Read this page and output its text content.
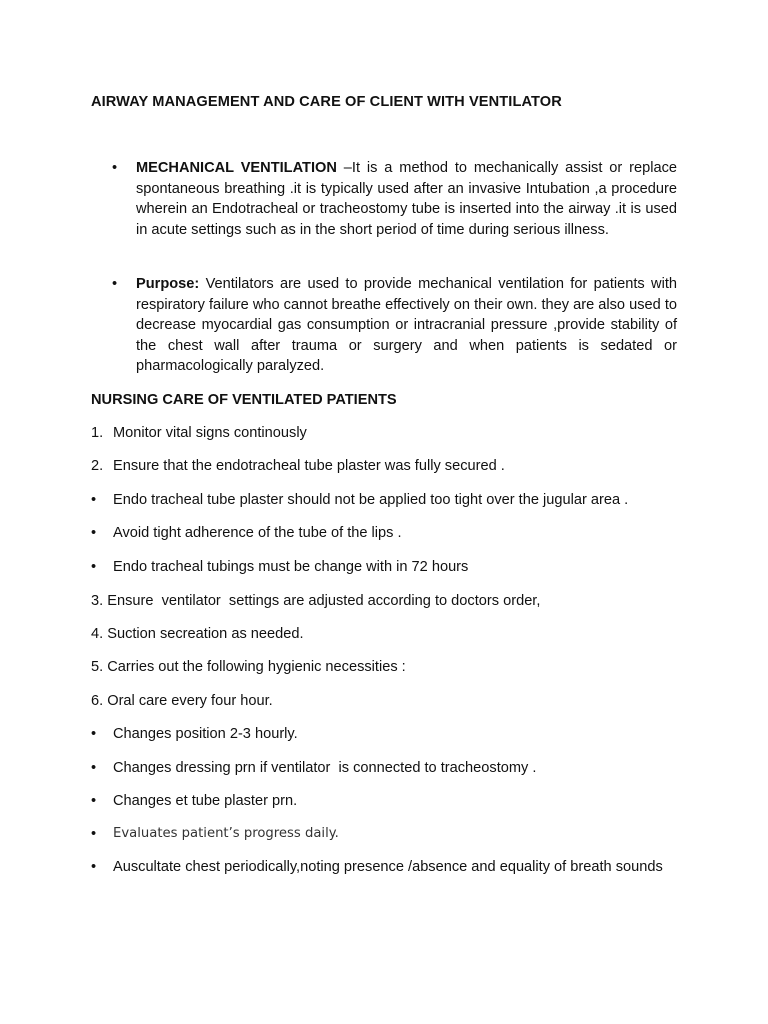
AIRWAY MANAGEMENT AND CARE OF CLIENT WITH VENTILATOR
• MECHANICAL VENTILATION –It is a method to mechanically assist or replace spontaneous breathing .it is typically used after an invasive Intubation ,a procedure wherein an Endotracheal or tracheostomy tube is inserted into the airway .it is used in acute settings such as in the short period of time during serious illness.
• Purpose: Ventilators are used to provide mechanical ventilation for patients with respiratory failure who cannot breathe effectively on their own. they are also used to decrease myocardial gas consumption or intracranial pressure ,provide stability of the chest wall after trauma or surgery and when patients is sedated or pharmacologically paralyzed.
NURSING CARE OF VENTILATED PATIENTS
1. Monitor vital signs continously
2. Ensure that the endotracheal tube plaster was fully secured .
• Endo tracheal tube plaster should not be applied too tight over the jugular area .
• Avoid tight adherence of the tube of the lips .
• Endo tracheal tubings must be change with in 72 hours
3. Ensure  ventilator  settings are adjusted according to doctors order,
4. Suction secreation as needed.
5. Carries out the following hygienic necessities :
6. Oral care every four hour.
• Changes position 2-3 hourly.
• Changes dressing prn if ventilator  is connected to tracheostomy .
• Changes et tube plaster prn.
• Evaluates patient’s progress daily.
• Auscultate chest periodically,noting presence /absence and equality of breath sounds
